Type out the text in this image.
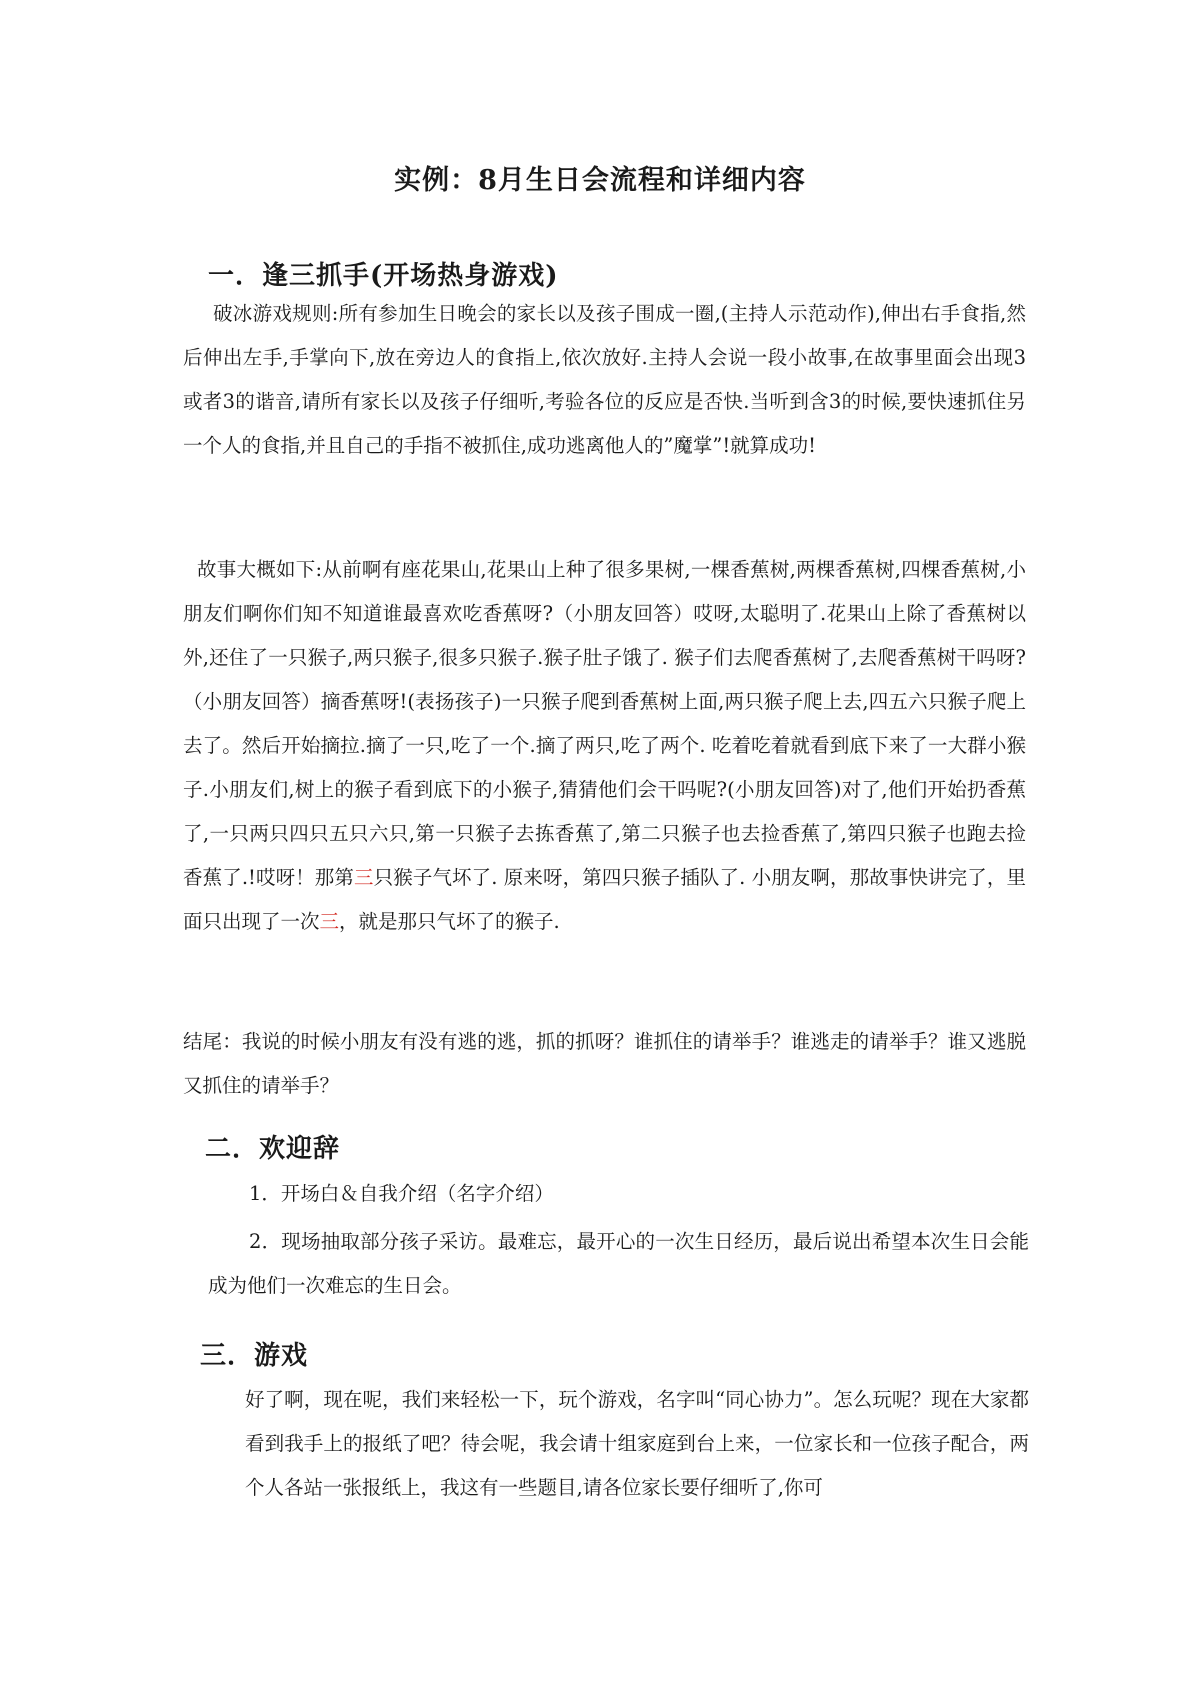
实例：8月生日会流程和详细内容
一．逢三抓手(开场热身游戏)

破冰游戏规则:所有参加生日晚会的家长以及孩子围成一圈,(主持人示范动作),伸出右手食指,然后伸出左手,手掌向下,放在旁边人的食指上,依次放好.主持人会说一段小故事,在故事里面会出现3 或者3的谐音,请所有家长以及孩子仔细听,考验各位的反应是否快.当听到含3的时候,要快速抓住另一个人的食指,并且自己的手指不被抓住,成功逃离他人的”魔掌”!就算成功!

故事大概如下:从前啊有座花果山,花果山上种了很多果树,一棵香蕉树,两棵香蕉树,四棵香蕉树,小朋友们啊你们知不知道谁最喜欢吃香蕉呀?（小朋友回答）哎呀,太聪明了.花果山上除了香蕉树以外,还住了一只猴子,两只猴子,很多只猴子.猴子肚子饿了. 猴子们去爬香蕉树了,去爬香蕉树干吗呀?（小朋友回答）摘香蕉呀!(表扬孩子)一只猴子爬到香蕉树上面,两只猴子爬上去,四五六只猴子爬上去了。然后开始摘拉.摘了一只,吃了一个.摘了两只,吃了两个. 吃着吃着就看到底下来了一大群小猴子.小朋友们,树上的猴子看到底下的小猴子,猜猜他们会干吗呢?(小朋友回答)对了,他们开始扔香蕉了,一只两只四只五只六只,第一只猴子去拣香蕉了,第二只猴子也去捡香蕉了,第四只猴子也跑去捡香蕉了.!哎呀！那第三只猴子气坏了. 原来呀，第四只猴子插队了. 小朋友啊，那故事快讲完了，里面只出现了一次三，就是那只气坏了的猴子.

结尾：我说的时候小朋友有没有逃的逃，抓的抓呀？谁抓住的请举手？谁逃走的请举手？谁又逃脱又抓住的请举手？

二．欢迎辞

1．开场白＆自我介绍（名字介绍）

2．现场抽取部分孩子采访。最难忘，最开心的一次生日经历，最后说出希望本次生日会能成为他们一次难忘的生日会。

三．游戏

好了啊，现在呢，我们来轻松一下，玩个游戏，名字叫“同心协力”。怎么玩呢？现在大家都看到我手上的报纸了吧？待会呢，我会请十组家庭到台上来，一位家长和一位孩子配合，两个人各站一张报纸上，我这有一些题目,请各位家长要仔细听了,你可
